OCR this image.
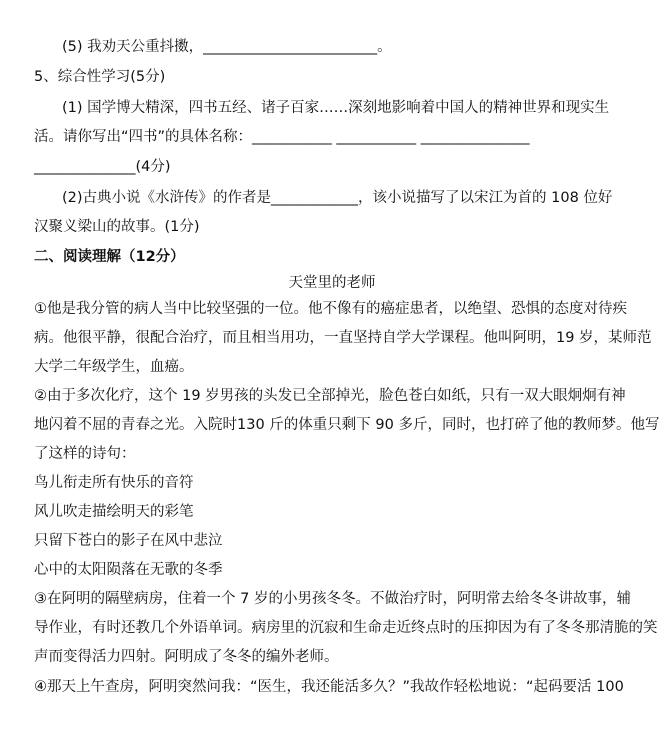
(5) 我劝天公重抖擞，________________________。
5、综合性学习(5分)
(1) 国学博大精深，四书五经、诸子百家……深刻地影响着中国人的精神世界和现实生
活。请你写出“四书”的具体名称：___________ ___________ _______________
______________(4分)
(2)古典小说《水浒传》的作者是____________，该小说描写了以宋江为首的 108 位好
汉聚义梁山的故事。(1分)
二、阅读理解（12分）
天堂里的老师
①他是我分管的病人当中比较坚强的一位。他不像有的癌症患者，以绝望、恐惧的态度对待疾
病。他很平静，很配合治疗，而且相当用功，一直坚持自学大学课程。他叫阿明，19 岁，某师范
大学二年级学生，血癌。
②由于多次化疗，这个 19 岁男孩的头发已全部掉光，脸色苍白如纸，只有一双大眼炯炯有神
地闪着不屈的青春之光。入院时130 斤的体重只剩下 90 多斤，同时，也打碎了他的教师梦。他写
了这样的诗句：
鸟儿衔走所有快乐的音符
风儿吹走描绘明天的彩笔
只留下苍白的影子在风中悲泣
心中的太阳陨落在无歌的冬季
③在阿明的隔壁病房，住着一个 7 岁的小男孩冬冬。不做治疗时，阿明常去给冬冬讲故事，辅
导作业，有时还教几个外语单词。病房里的沉寂和生命走近终点时的压抑因为有了冬冬那清脆的笑
声而变得活力四射。阿明成了冬冬的编外老师。
④那天上午查房，阿明突然问我：“医生，我还能活多久？”我故作轻松地说：“起码要活 100
